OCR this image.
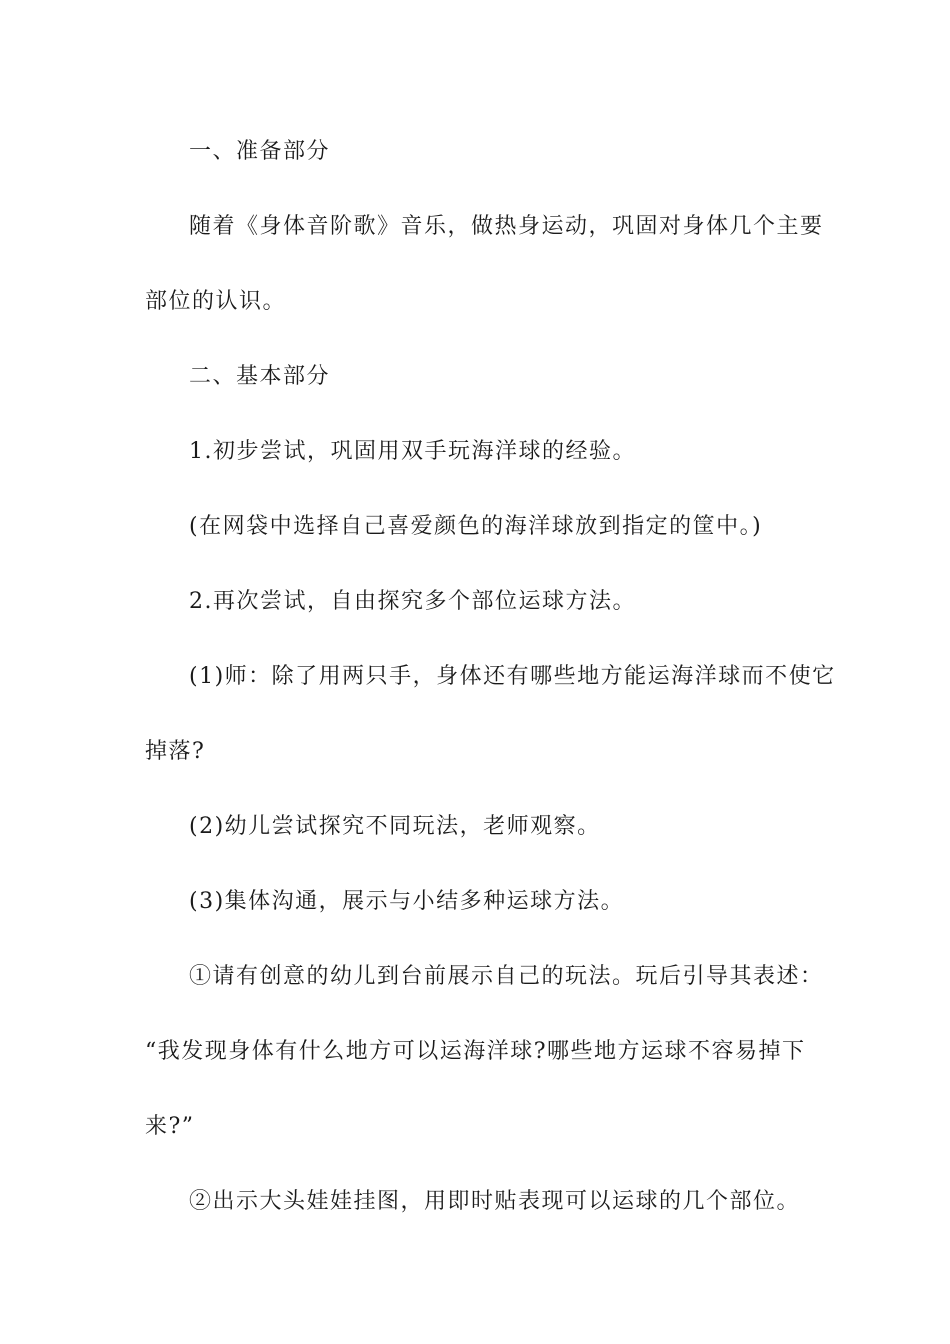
一、准备部分
随着《身体音阶歌》音乐，做热身运动，巩固对身体几个主要
部位的认识。
二、基本部分
1.初步尝试，巩固用双手玩海洋球的经验。
(在网袋中选择自己喜爱颜色的海洋球放到指定的筐中。)
2.再次尝试，自由探究多个部位运球方法。
(1)师：除了用两只手，身体还有哪些地方能运海洋球而不使它
掉落?
(2)幼儿尝试探究不同玩法，老师观察。
(3)集体沟通，展示与小结多种运球方法。
①请有创意的幼儿到台前展示自己的玩法。玩后引导其表述：
“我发现身体有什么地方可以运海洋球?哪些地方运球不容易掉下
来?”
②出示大头娃娃挂图，用即时贴表现可以运球的几个部位。
